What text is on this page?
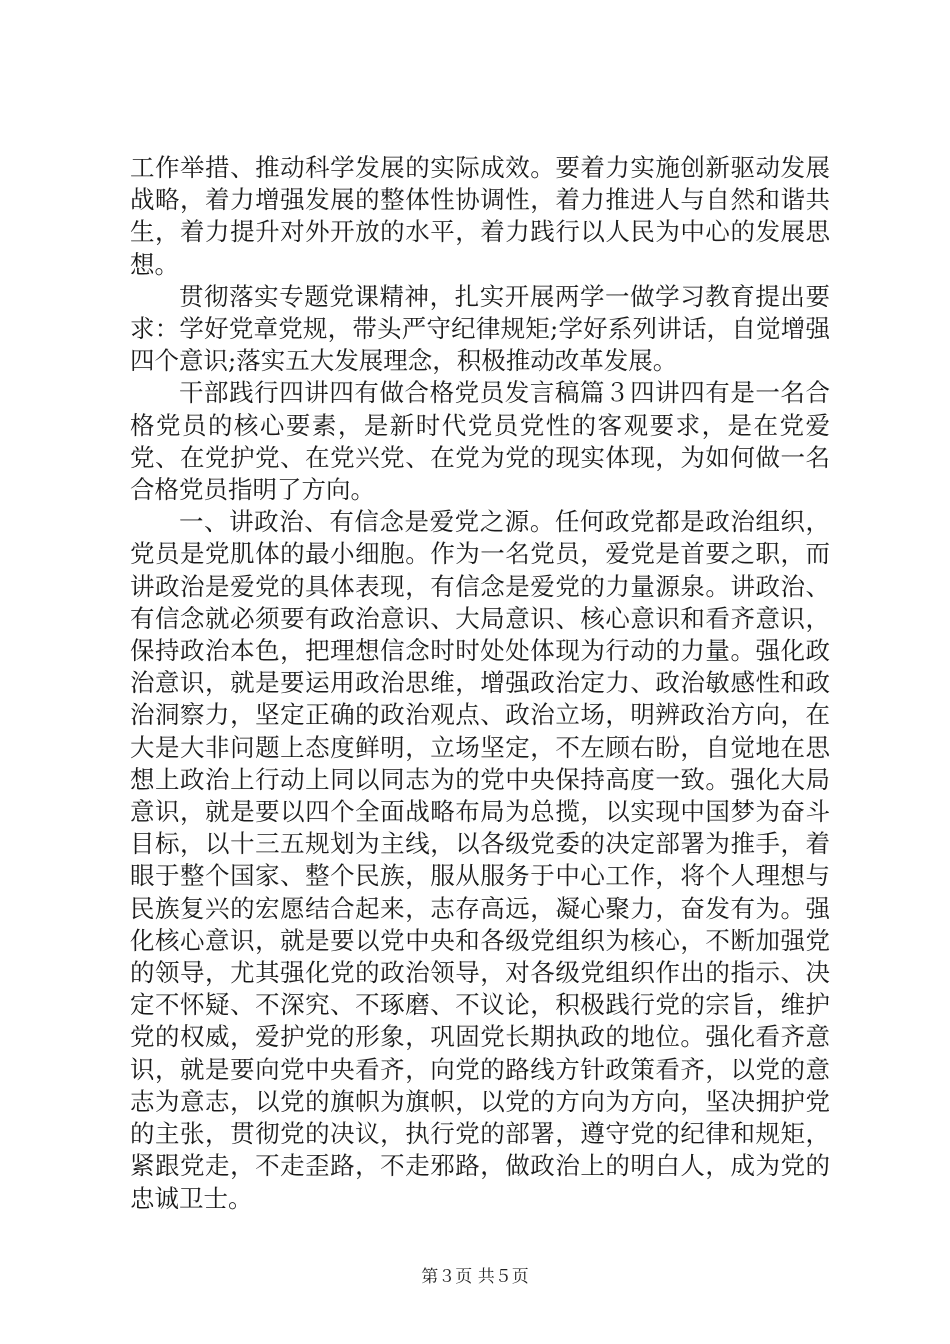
工作举措、推动科学发展的实际成效。要着力实施创新驱动发展战略，着力增强发展的整体性协调性，着力推进人与自然和谐共生，着力提升对外开放的水平，着力践行以人民为中心的发展思想。

贯彻落实专题党课精神，扎实开展两学一做学习教育提出要求：学好党章党规，带头严守纪律规矩;学好系列讲话，自觉增强四个意识;落实五大发展理念，积极推动改革发展。

干部践行四讲四有做合格党员发言稿篇３四讲四有是一名合格党员的核心要素，是新时代党员党性的客观要求，是在党爱党、在党护党、在党兴党、在党为党的现实体现，为如何做一名合格党员指明了方向。

一、讲政治、有信念是爱党之源。任何政党都是政治组织，党员是党肌体的最小细胞。作为一名党员，爱党是首要之职，而讲政治是爱党的具体表现，有信念是爱党的力量源泉。讲政治、有信念就必须要有政治意识、大局意识、核心意识和看齐意识，保持政治本色，把理想信念时时处处体现为行动的力量。强化政治意识，就是要运用政治思维，增强政治定力、政治敏感性和政治洞察力，坚定正确的政治观点、政治立场，明辨政治方向，在大是大非问题上态度鲜明，立场坚定，不左顾右盼，自觉地在思想上政治上行动上同以同志为的党中央保持高度一致。强化大局意识，就是要以四个全面战略布局为总揽，以实现中国梦为奋斗目标，以十三五规划为主线，以各级党委的决定部署为推手，着眼于整个国家、整个民族，服从服务于中心工作，将个人理想与民族复兴的宏愿结合起来，志存高远，凝心聚力，奋发有为。强化核心意识，就是要以党中央和各级党组织为核心，不断加强党的领导，尤其强化党的政治领导，对各级党组织作出的指示、决定不怀疑、不深究、不琢磨、不议论，积极践行党的宗旨，维护党的权威，爱护党的形象，巩固党长期执政的地位。强化看齐意识，就是要向党中央看齐，向党的路线方针政策看齐，以党的意志为意志，以党的旗帜为旗帜，以党的方向为方向，坚决拥护党的主张，贯彻党的决议，执行党的部署，遵守党的纪律和规矩，紧跟党走，不走歪路，不走邪路，做政治上的明白人，成为党的忠诚卫士。

第３页 共５页
